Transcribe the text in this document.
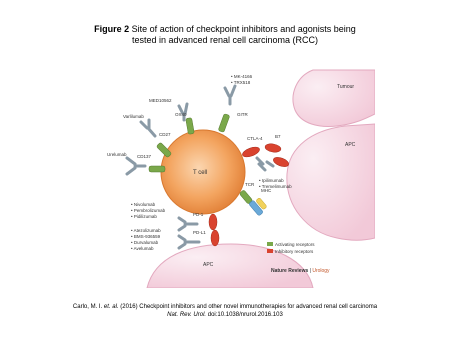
Figure 2 Site of action of checkpoint inhibitors and agonists being
tested in advanced renal cell carcinoma (RCC)
Tumour
APC
APC
T cell
OX40	GITR
CD27
CD137
CTLA-4	B7
TCR
MHC
PD-1
PD-L1
MED10562
• MK-4166
• TRX518
Varlilumab
Urelumab
• Ipilimumab
• Tremelimumab
• Nivolumab
• Pembrolizumab
• Pidilizumab
• Atezolizumab
• BMS-936559
• Durvalumab
• Avelumab
Activating receptors
Inhibitory receptors
Nature Reviews | Urology
Carlo, M. I. et. al. (2016) Checkpoint inhibitors and other novel immunotherapies for advanced renal cell carcinoma
Nat. Rev. Urol. doi:10.1038/nrurol.2016.103
